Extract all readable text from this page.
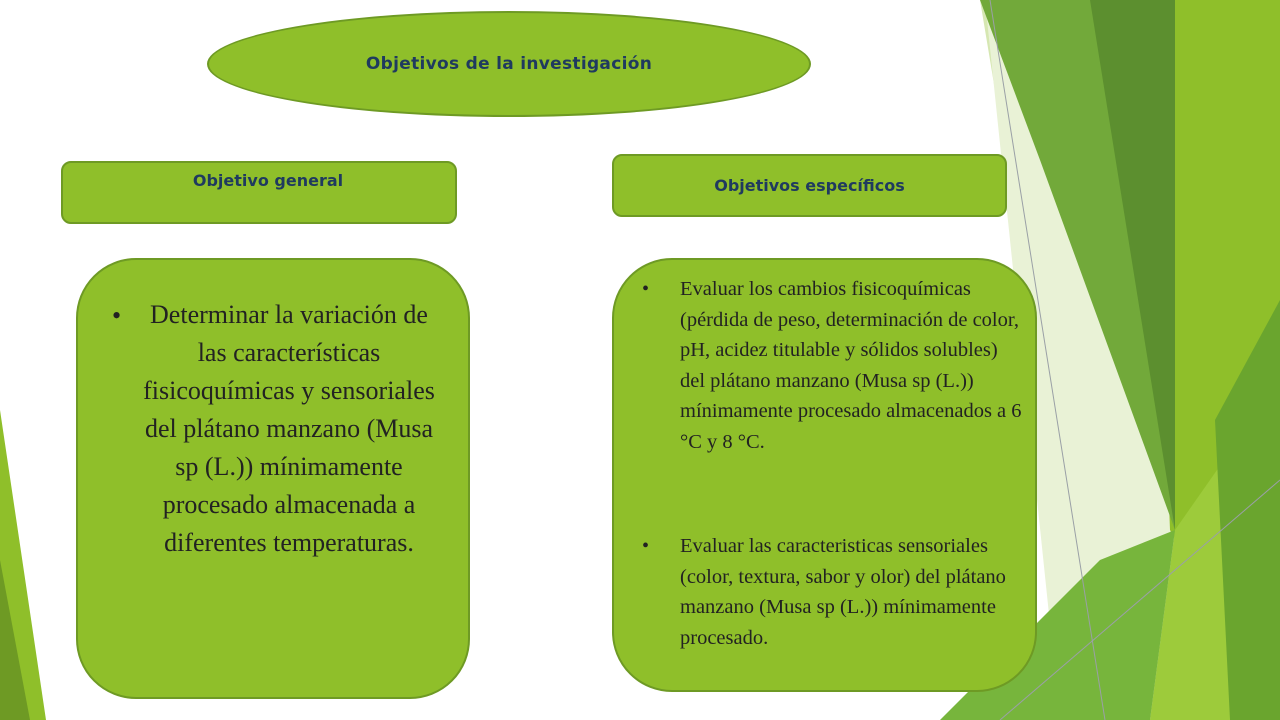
Objetivos de la investigación
Objetivo general	Objetivos específicos
• Determinar la variación de las características fisicoquímicas y sensoriales del plátano manzano (Musa sp (L.)) mínimamente procesado almacenada a diferentes temperaturas.
• Evaluar los cambios fisicoquímicas (pérdida de peso, determinación de color, pH, acidez titulable y sólidos solubles) del plátano manzano (Musa sp (L.)) mínimamente procesado almacenados a 6 °C y 8 °C.
• Evaluar las caracteristicas sensoriales (color, textura, sabor y olor) del plátano manzano (Musa sp (L.)) mínimamente procesado.
